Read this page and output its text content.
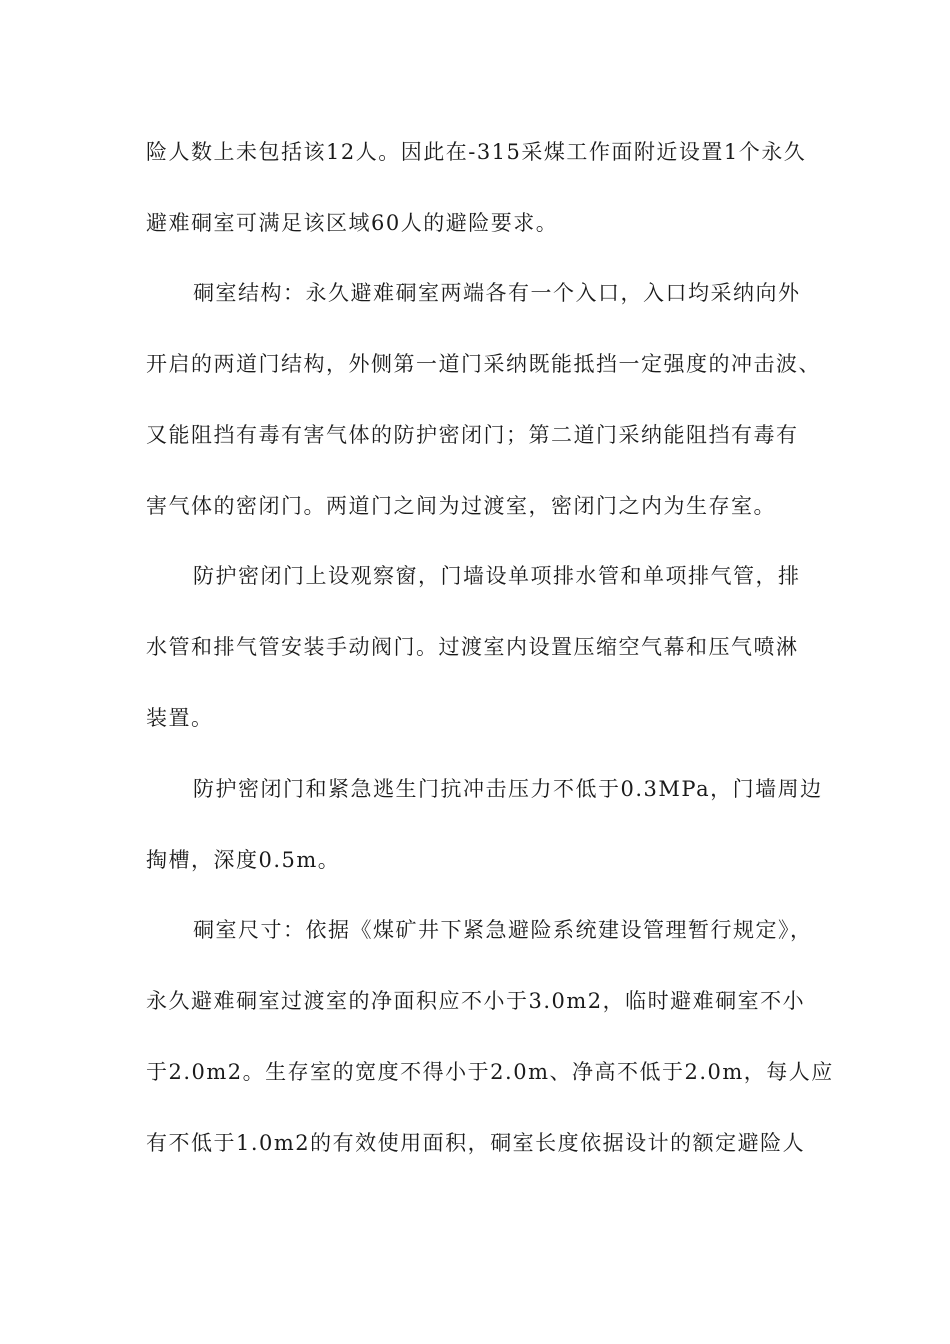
险人数上未包括该12人。因此在-315采煤工作面附近设置1个永久
避难硐室可满足该区域60人的避险要求。
硐室结构：永久避难硐室两端各有一个入口，入口均采纳向外
开启的两道门结构，外侧第一道门采纳既能抵挡一定强度的冲击波、
又能阻挡有毒有害气体的防护密闭门；第二道门采纳能阻挡有毒有
害气体的密闭门。两道门之间为过渡室，密闭门之内为生存室。
防护密闭门上设观察窗，门墙设单项排水管和单项排气管，排
水管和排气管安装手动阀门。过渡室内设置压缩空气幕和压气喷淋
装置。
防护密闭门和紧急逃生门抗冲击压力不低于0.3MPa，门墙周边
掏槽，深度0.5m。
硐室尺寸：依据《煤矿井下紧急避险系统建设管理暂行规定》，
永久避难硐室过渡室的净面积应不小于3.0m2，临时避难硐室不小
于2.0m2。生存室的宽度不得小于2.0m、净高不低于2.0m，每人应
有不低于1.0m2的有效使用面积，硐室长度依据设计的额定避险人
